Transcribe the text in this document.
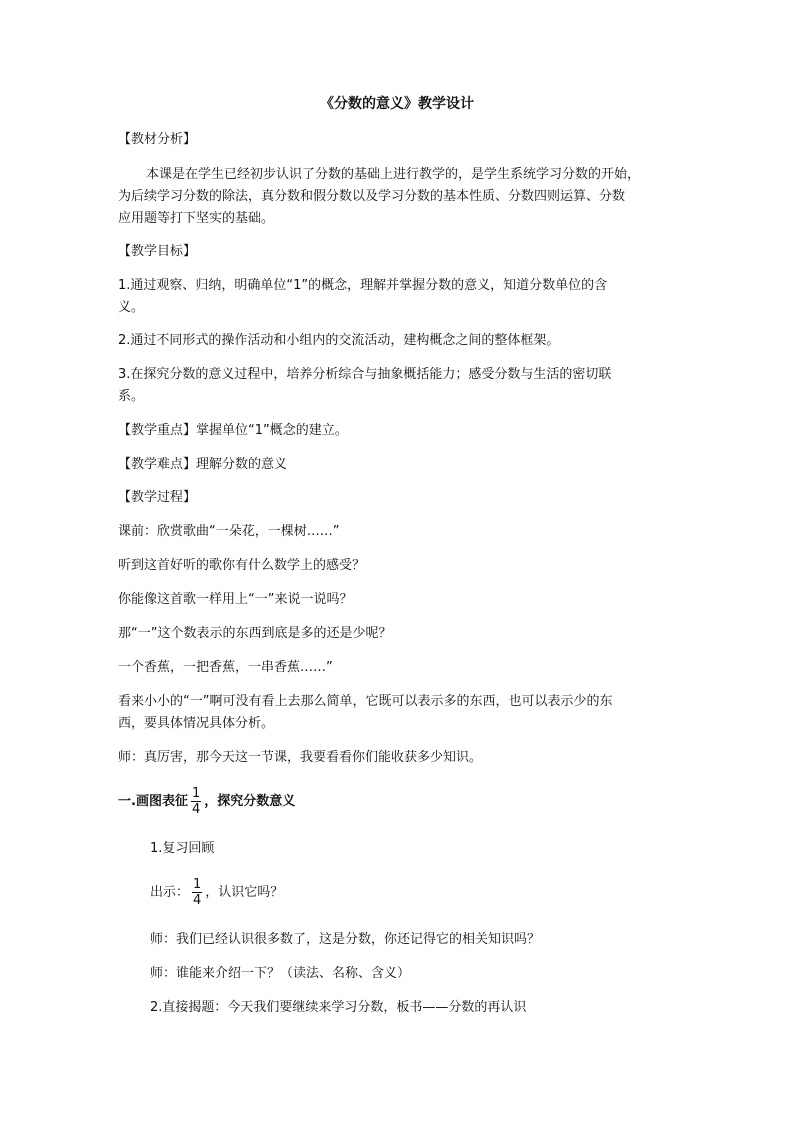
《分数的意义》教学设计
【教材分析】
本课是在学生已经初步认识了分数的基础上进行教学的，是学生系统学习分数的开始，
为后续学习分数的除法，真分数和假分数以及学习分数的基本性质、分数四则运算、分数
应用题等打下坚实的基础。
【教学目标】
1.通过观察、归纳，明确单位“1”的概念，理解并掌握分数的意义，知道分数单位的含
义。
2.通过不同形式的操作活动和小组内的交流活动，建构概念之间的整体框架。
3.在探究分数的意义过程中，培养分析综合与抽象概括能力；感受分数与生活的密切联
系。
【教学重点】掌握单位“1”概念的建立。
【教学难点】理解分数的意义
【教学过程】
课前：欣赏歌曲“一朵花，一棵树……”
听到这首好听的歌你有什么数学上的感受？
你能像这首歌一样用上“一”来说一说吗？
那“一”这个数表示的东西到底是多的还是少呢？
一个香蕉，一把香蕉，一串香蕉……”
看来小小的“一”啊可没有看上去那么简单，它既可以表示多的东西，也可以表示少的东
西，要具体情况具体分析。
师：真厉害，那今天这一节课，我要看看你们能收获多少知识。
一.画图表征 $\frac{1}{4}$ ，探究分数意义
1.复习回顾
出示： $\frac{1}{4}$ ，认识它吗？
师：我们已经认识很多数了，这是分数，你还记得它的相关知识吗？
师：谁能来介绍一下？（读法、名称、含义）
2.直接揭题：今天我们要继续来学习分数，板书——分数的再认识
